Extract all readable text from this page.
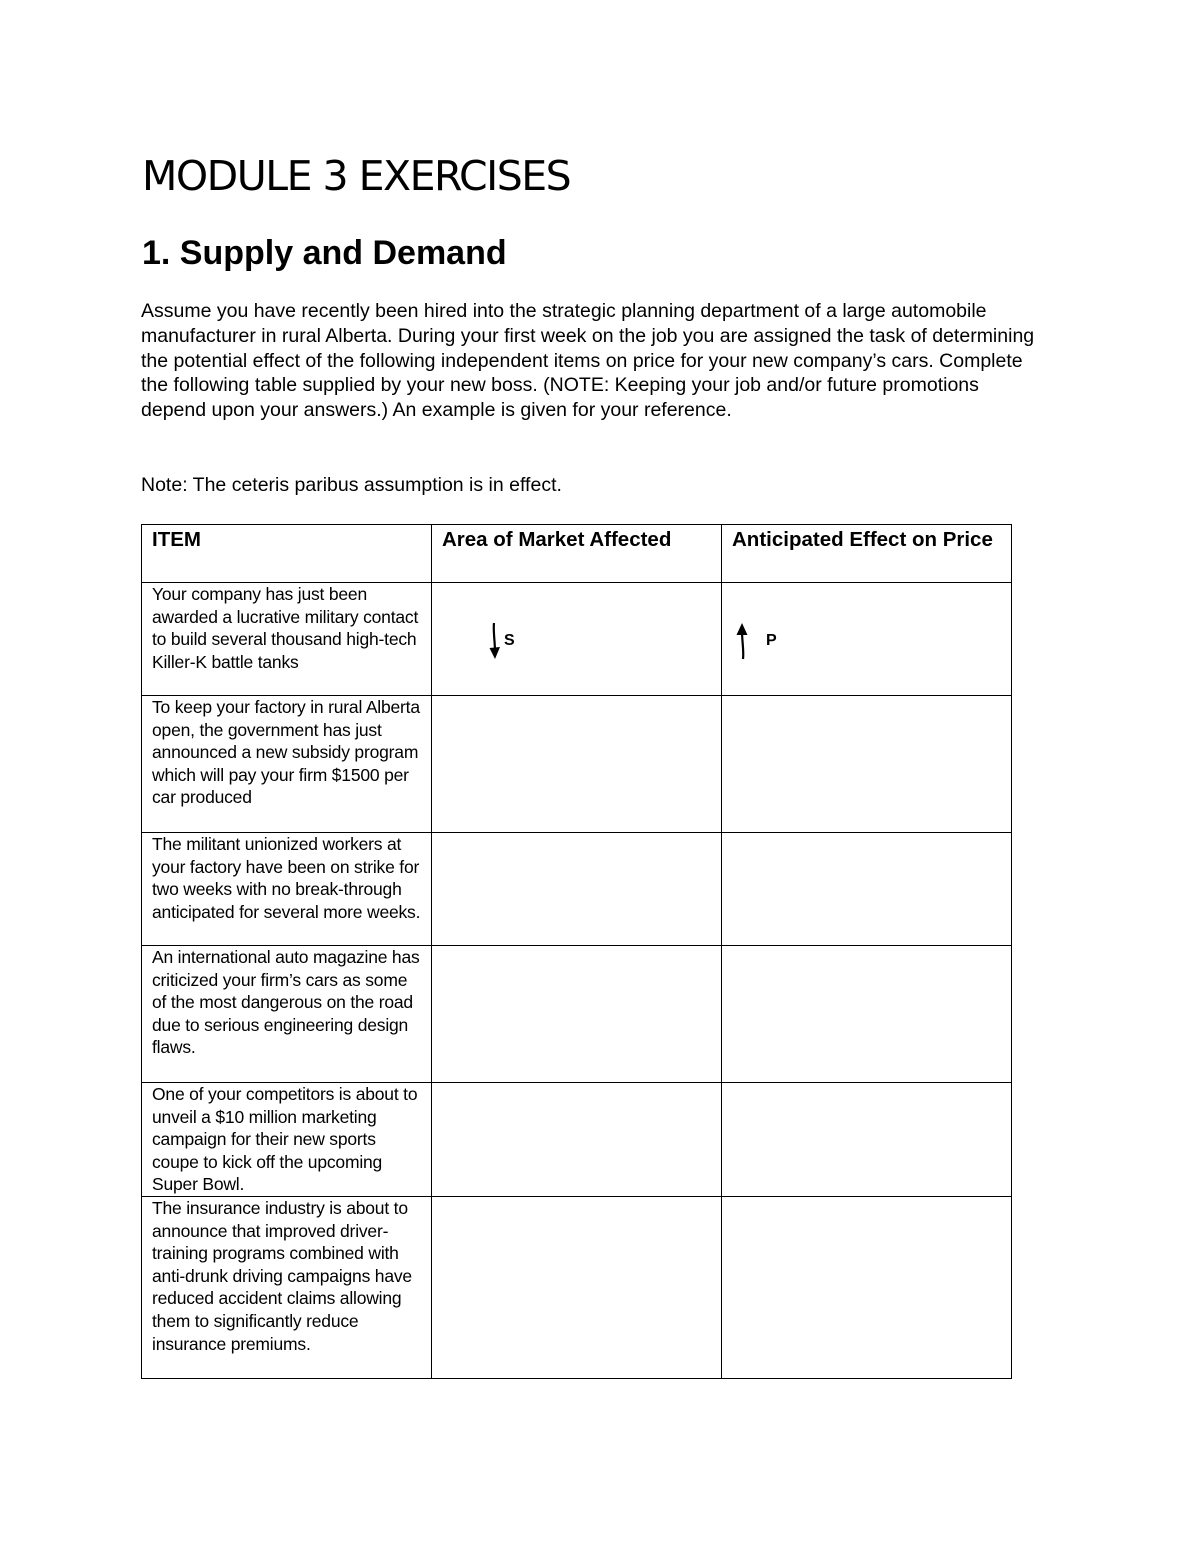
MODULE 3 EXERCISES
1. Supply and Demand

Assume you have recently been hired into the strategic planning department of a large automobile manufacturer in rural Alberta. During your first week on the job you are assigned the task of determining the potential effect of the following independent items on price for your new company’s cars. Complete the following table supplied by your new boss. (NOTE: Keeping your job and/or future promotions depend upon your answers.) An example is given for your reference.

Note: The ceteris paribus assumption is in effect.

ITEM	Area of Market Affected	Anticipated Effect on Price
Your company has just been awarded a lucrative military contact to build several thousand high-tech Killer-K battle tanks	S	P

To keep your factory in rural Alberta open, the government has just announced a new subsidy program which will pay your firm $1500 per car produced		
The militant unionized workers at your factory have been on strike for two weeks with no break-through anticipated for several more weeks.		
An international auto magazine has criticized your firm’s cars as some of the most dangerous on the road due to serious engineering design flaws.		
One of your competitors is about to unveil a $10 million marketing campaign for their new sports coupe to kick off the upcoming Super Bowl.		
The insurance industry is about to announce that improved driver-training programs combined with anti-drunk driving campaigns have reduced accident claims allowing them to significantly reduce insurance premiums.		
